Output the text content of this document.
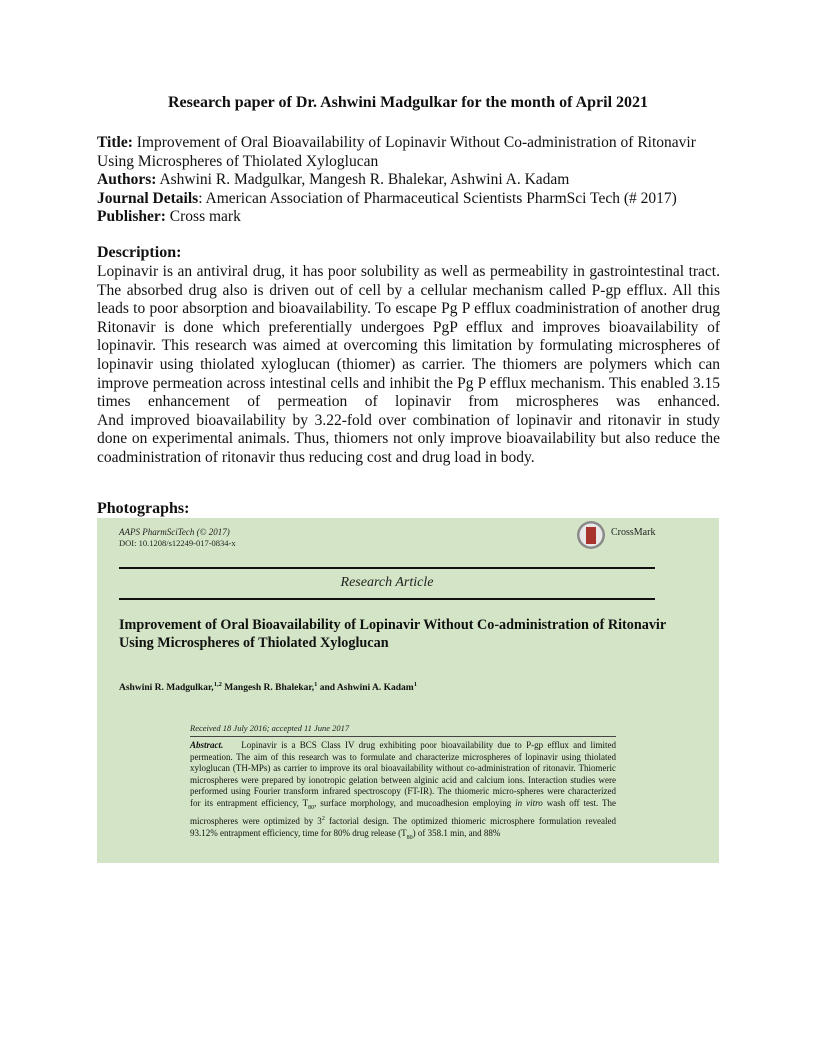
Research paper of Dr. Ashwini Madgulkar for the month of April 2021
Title: Improvement of Oral Bioavailability of Lopinavir Without Co-administration of Ritonavir Using Microspheres of Thiolated Xyloglucan
Authors: Ashwini R. Madgulkar, Mangesh R. Bhalekar, Ashwini A. Kadam
Journal Details: American Association of Pharmaceutical Scientists PharmSci Tech (# 2017)
Publisher: Cross mark
Description:

Lopinavir is an antiviral drug, it has poor solubility as well as permeability in gastrointestinal tract. The absorbed drug also is driven out of cell by a cellular mechanism called P-gp efflux. All this leads to poor absorption and bioavailability. To escape Pg P efflux coadministration of another drug Ritonavir is done which preferentially undergoes PgP efflux and improves bioavailability of lopinavir. This research was aimed at overcoming this limitation by formulating microspheres of lopinavir using thiolated xyloglucan (thiomer) as carrier. The thiomers are polymers which can improve permeation across intestinal cells and inhibit the Pg P efflux mechanism. This enabled 3.15 times enhancement of permeation of lopinavir from microspheres was enhanced.

And improved bioavailability by 3.22-fold over combination of lopinavir and ritonavir in study done on experimental animals. Thus, thiomers not only improve bioavailability but also reduce the coadministration of ritonavir thus reducing cost and drug load in body.

Photographs:
AAPS PharmSciTech (© 2017)
DOI: 10.1208/s12249-017-0834-x
CrossMark
Research Article
Improvement of Oral Bioavailability of Lopinavir Without Co-administration of Ritonavir Using Microspheres of Thiolated Xyloglucan
Ashwini R. Madgulkar,$^{1,2}$ Mangesh R. Bhalekar,$^1$ and Ashwini A. Kadam$^1$
Received 18 July 2016; accepted 11 June 2017

Abstract. Lopinavir is a BCS Class IV drug exhibiting poor bioavailability due to P-gp efflux and limited permeation. The aim of this research was to formulate and characterize microspheres of lopinavir using thiolated xyloglucan (TH-MPs) as carrier to improve its oral bioavailability without co-administration of ritonavir. Thiomeric microspheres were prepared by ionotropic gelation between alginic acid and calcium ions. Interaction studies were performed using Fourier transform infrared spectroscopy (FT-IR). The thiomeric micro-spheres were characterized for its entrapment efficiency, $T_{80}$, surface morphology, and mucoadhesion employing in vitro wash off test. The microspheres were optimized by $3^2$ factorial design. The optimized thiomeric microsphere formulation revealed 93.12% entrapment efficiency, time for 80% drug release $(T_{80})$ of 358.1 min, and 88%
